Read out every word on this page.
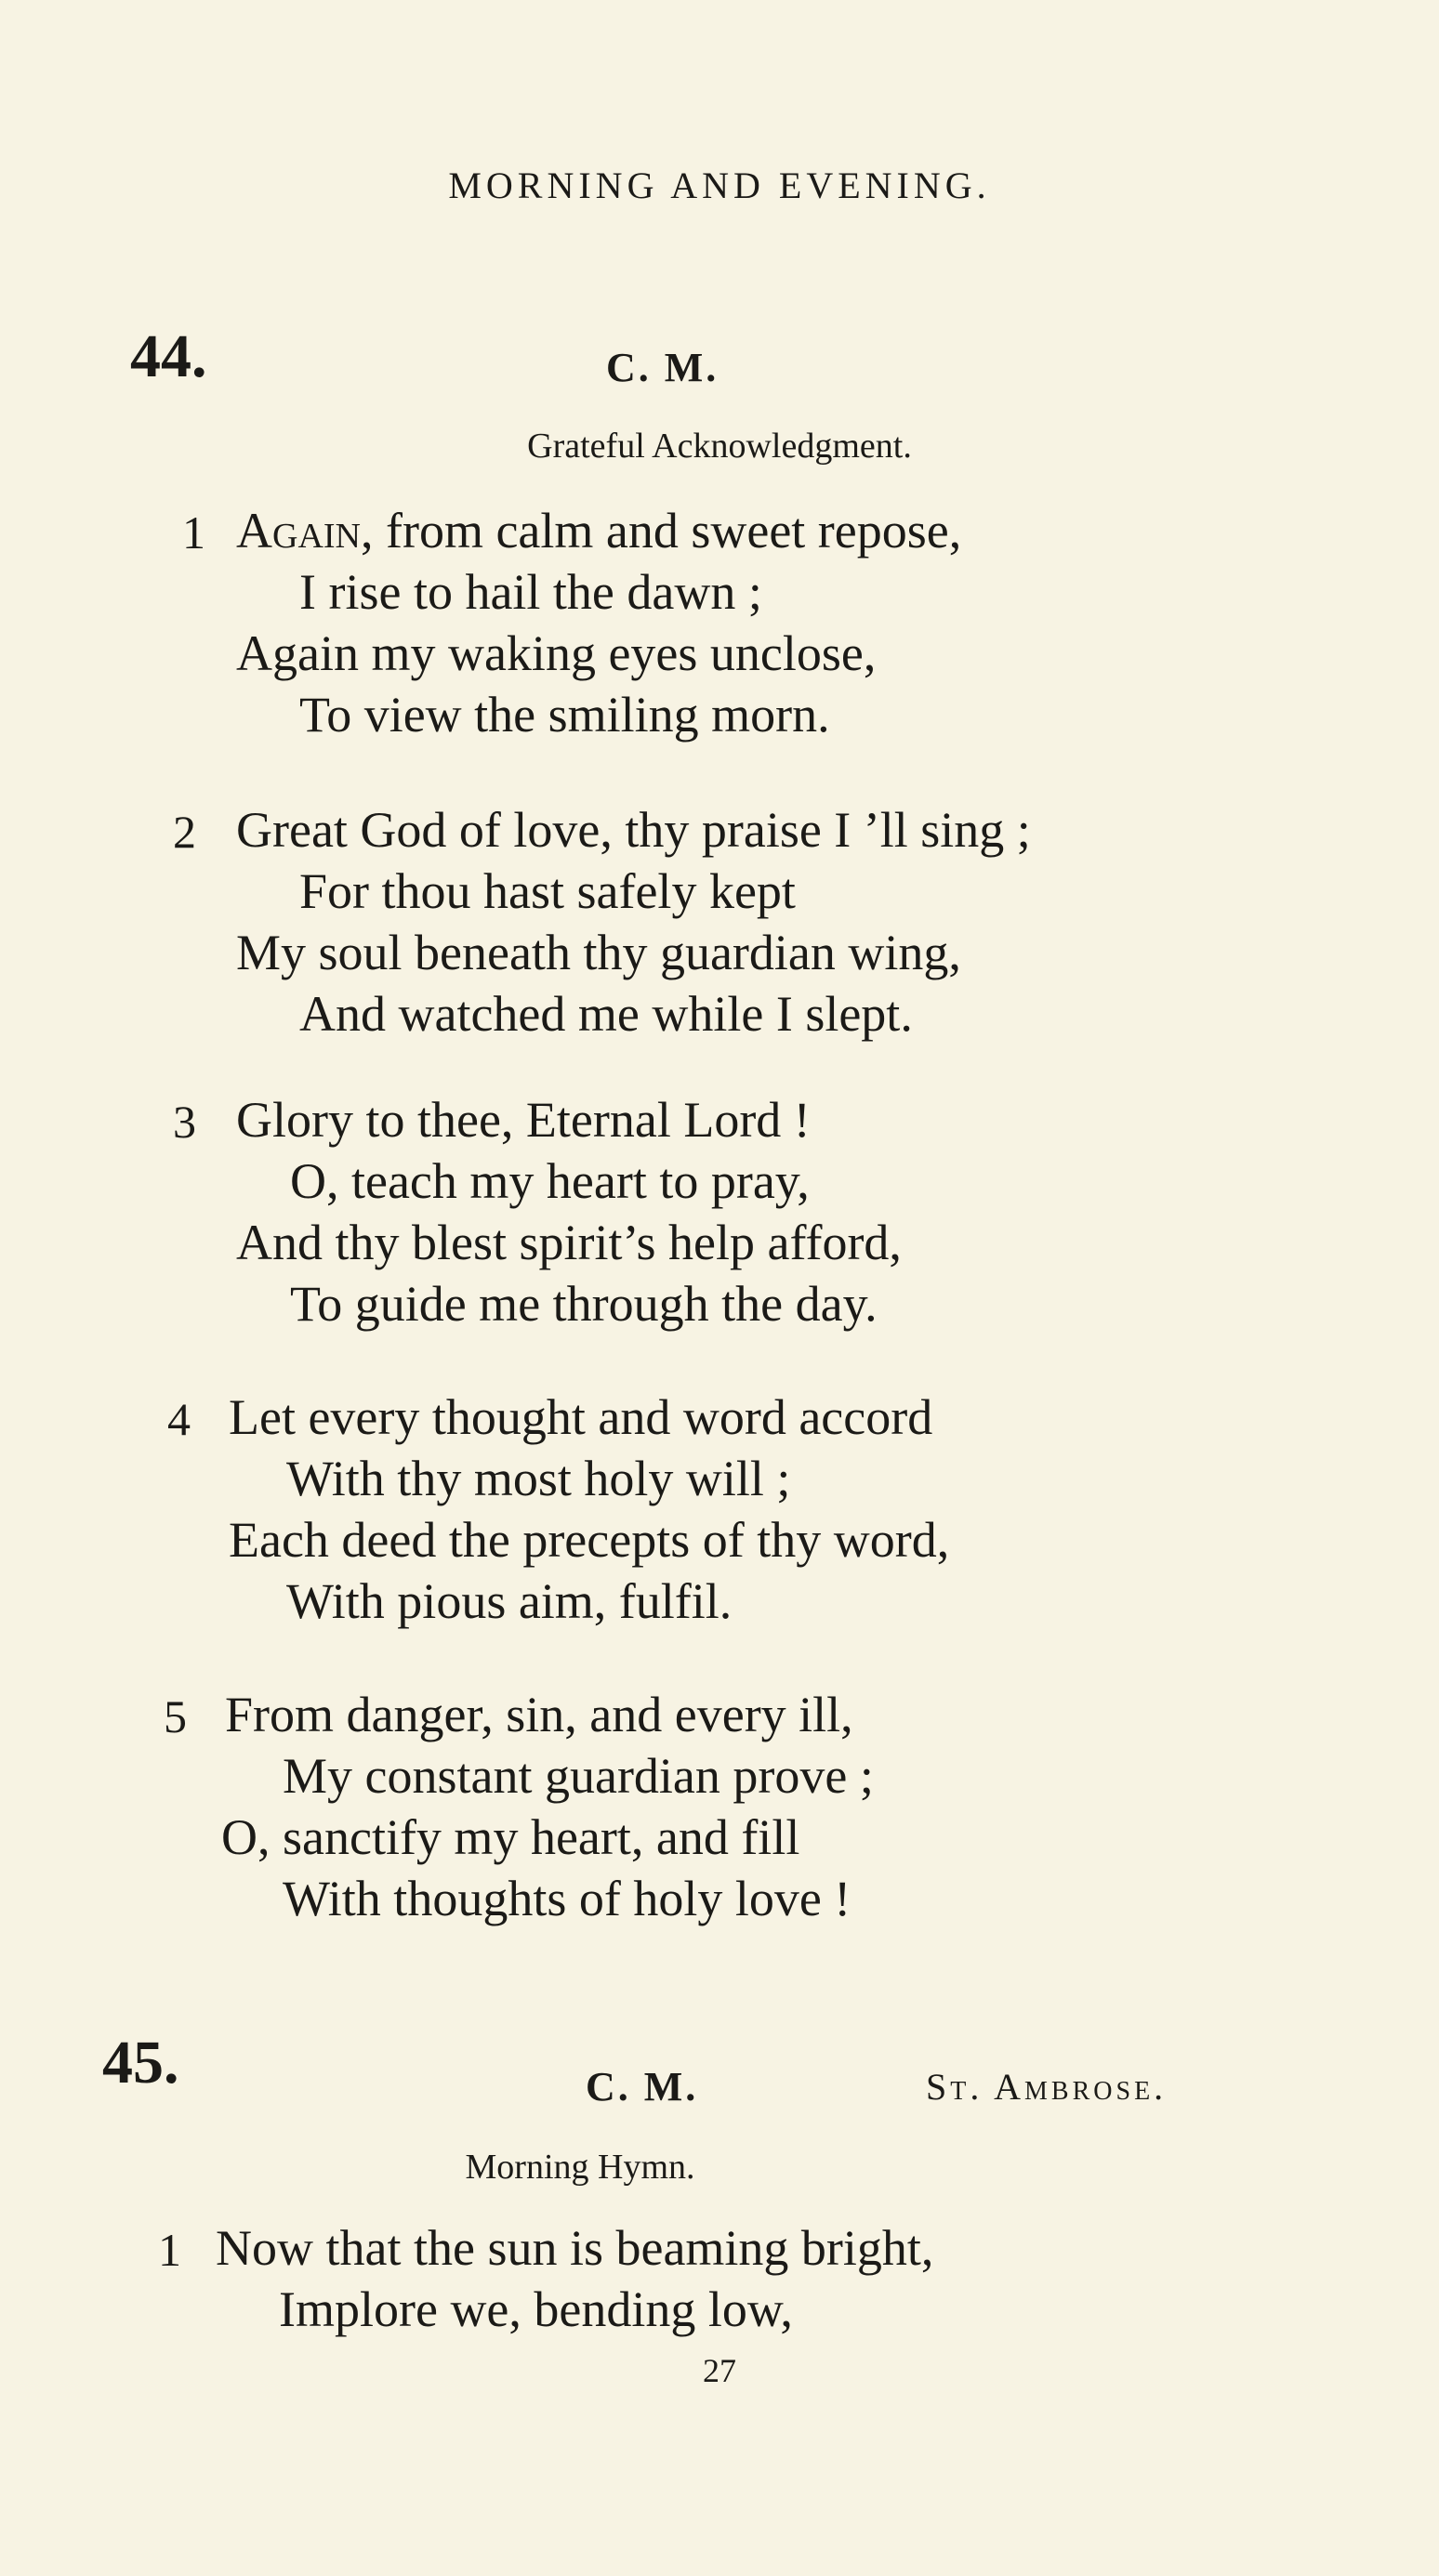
MORNING AND EVENING.
44.	C. M.
Grateful Acknowledgment.
1 Again, from calm and sweet repose,
I rise to hail the dawn ;
Again my waking eyes unclose,
To view the smiling morn.
2 Great God of love, thy praise I ’ll sing ;
For thou hast safely kept
My soul beneath thy guardian wing,
And watched me while I slept.
3 Glory to thee, Eternal Lord !
O, teach my heart to pray,
And thy blest spirit’s help afford,
To guide me through the day.
4 Let every thought and word accord
With thy most holy will ;
Each deed the precepts of thy word,
With pious aim, fulfil.
5 From danger, sin, and every ill,
My constant guardian prove ;
O, sanctify my heart, and fill
With thoughts of holy love !
45.	C. M.	St. Ambrose.
Morning Hymn.
1 Now that the sun is beaming bright,
Implore we, bending low,
27
